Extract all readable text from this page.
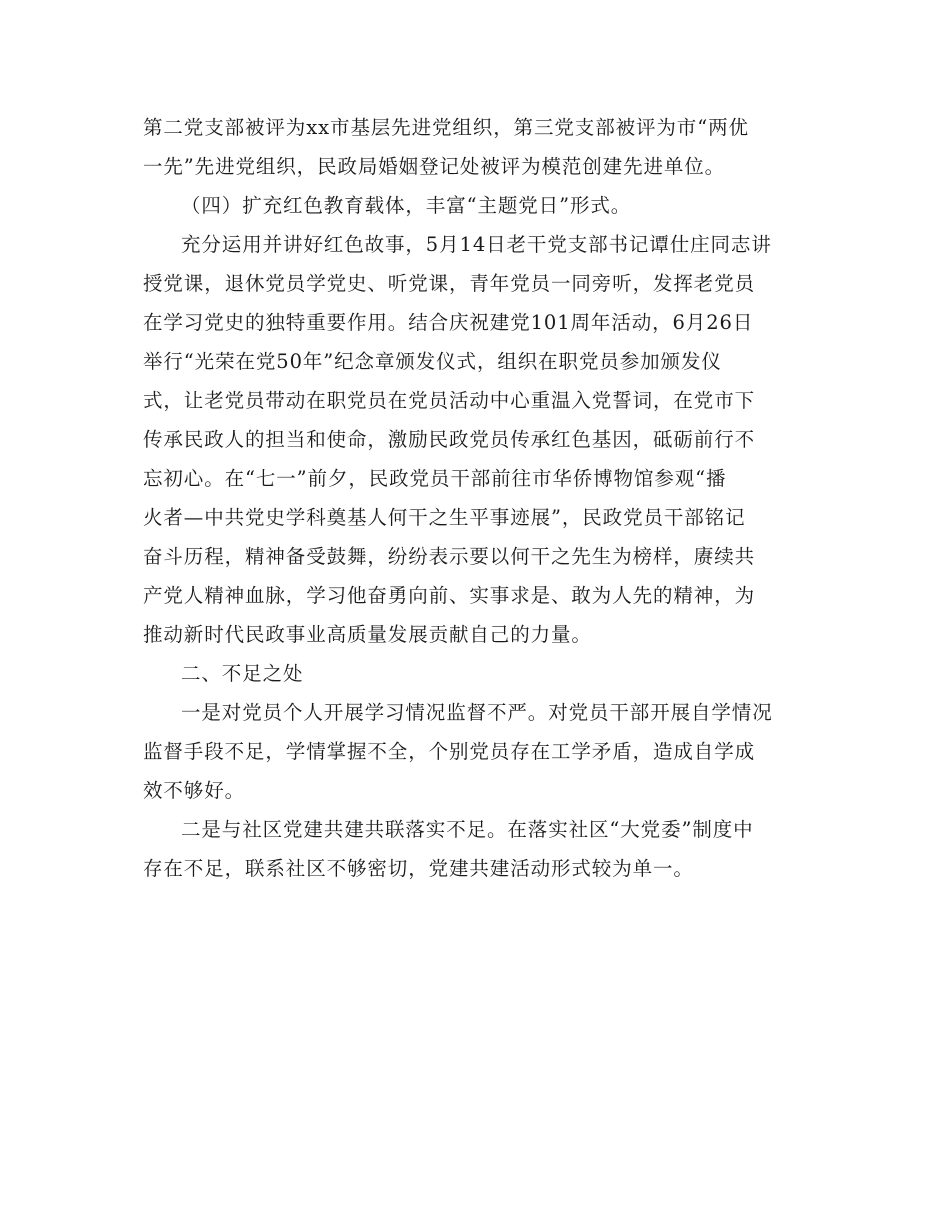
第二党支部被评为xx市基层先进党组织，第三党支部被评为市“两优
一先”先进党组织，民政局婚姻登记处被评为模范创建先进单位。
（四）扩充红色教育载体，丰富“主题党日”形式。
充分运用并讲好红色故事，5月14日老干党支部书记谭仕庄同志讲
授党课，退休党员学党史、听党课，青年党员一同旁听，发挥老党员
在学习党史的独特重要作用。结合庆祝建党101周年活动，6月26日
举行“光荣在党50年”纪念章颁发仪式，组织在职党员参加颁发仪
式，让老党员带动在职党员在党员活动中心重温入党誓词，在党市下
传承民政人的担当和使命，激励民政党员传承红色基因，砥砺前行不
忘初心。在“七一”前夕，民政党员干部前往市华侨博物馆参观“播
火者—中共党史学科奠基人何干之生平事迹展”，民政党员干部铭记
奋斗历程，精神备受鼓舞，纷纷表示要以何干之先生为榜样，赓续共
产党人精神血脉，学习他奋勇向前、实事求是、敢为人先的精神，为
推动新时代民政事业高质量发展贡献自己的力量。
二、不足之处
一是对党员个人开展学习情况监督不严。对党员干部开展自学情况
监督手段不足，学情掌握不全，个别党员存在工学矛盾，造成自学成
效不够好。
二是与社区党建共建共联落实不足。在落实社区“大党委”制度中
存在不足，联系社区不够密切，党建共建活动形式较为单一。
